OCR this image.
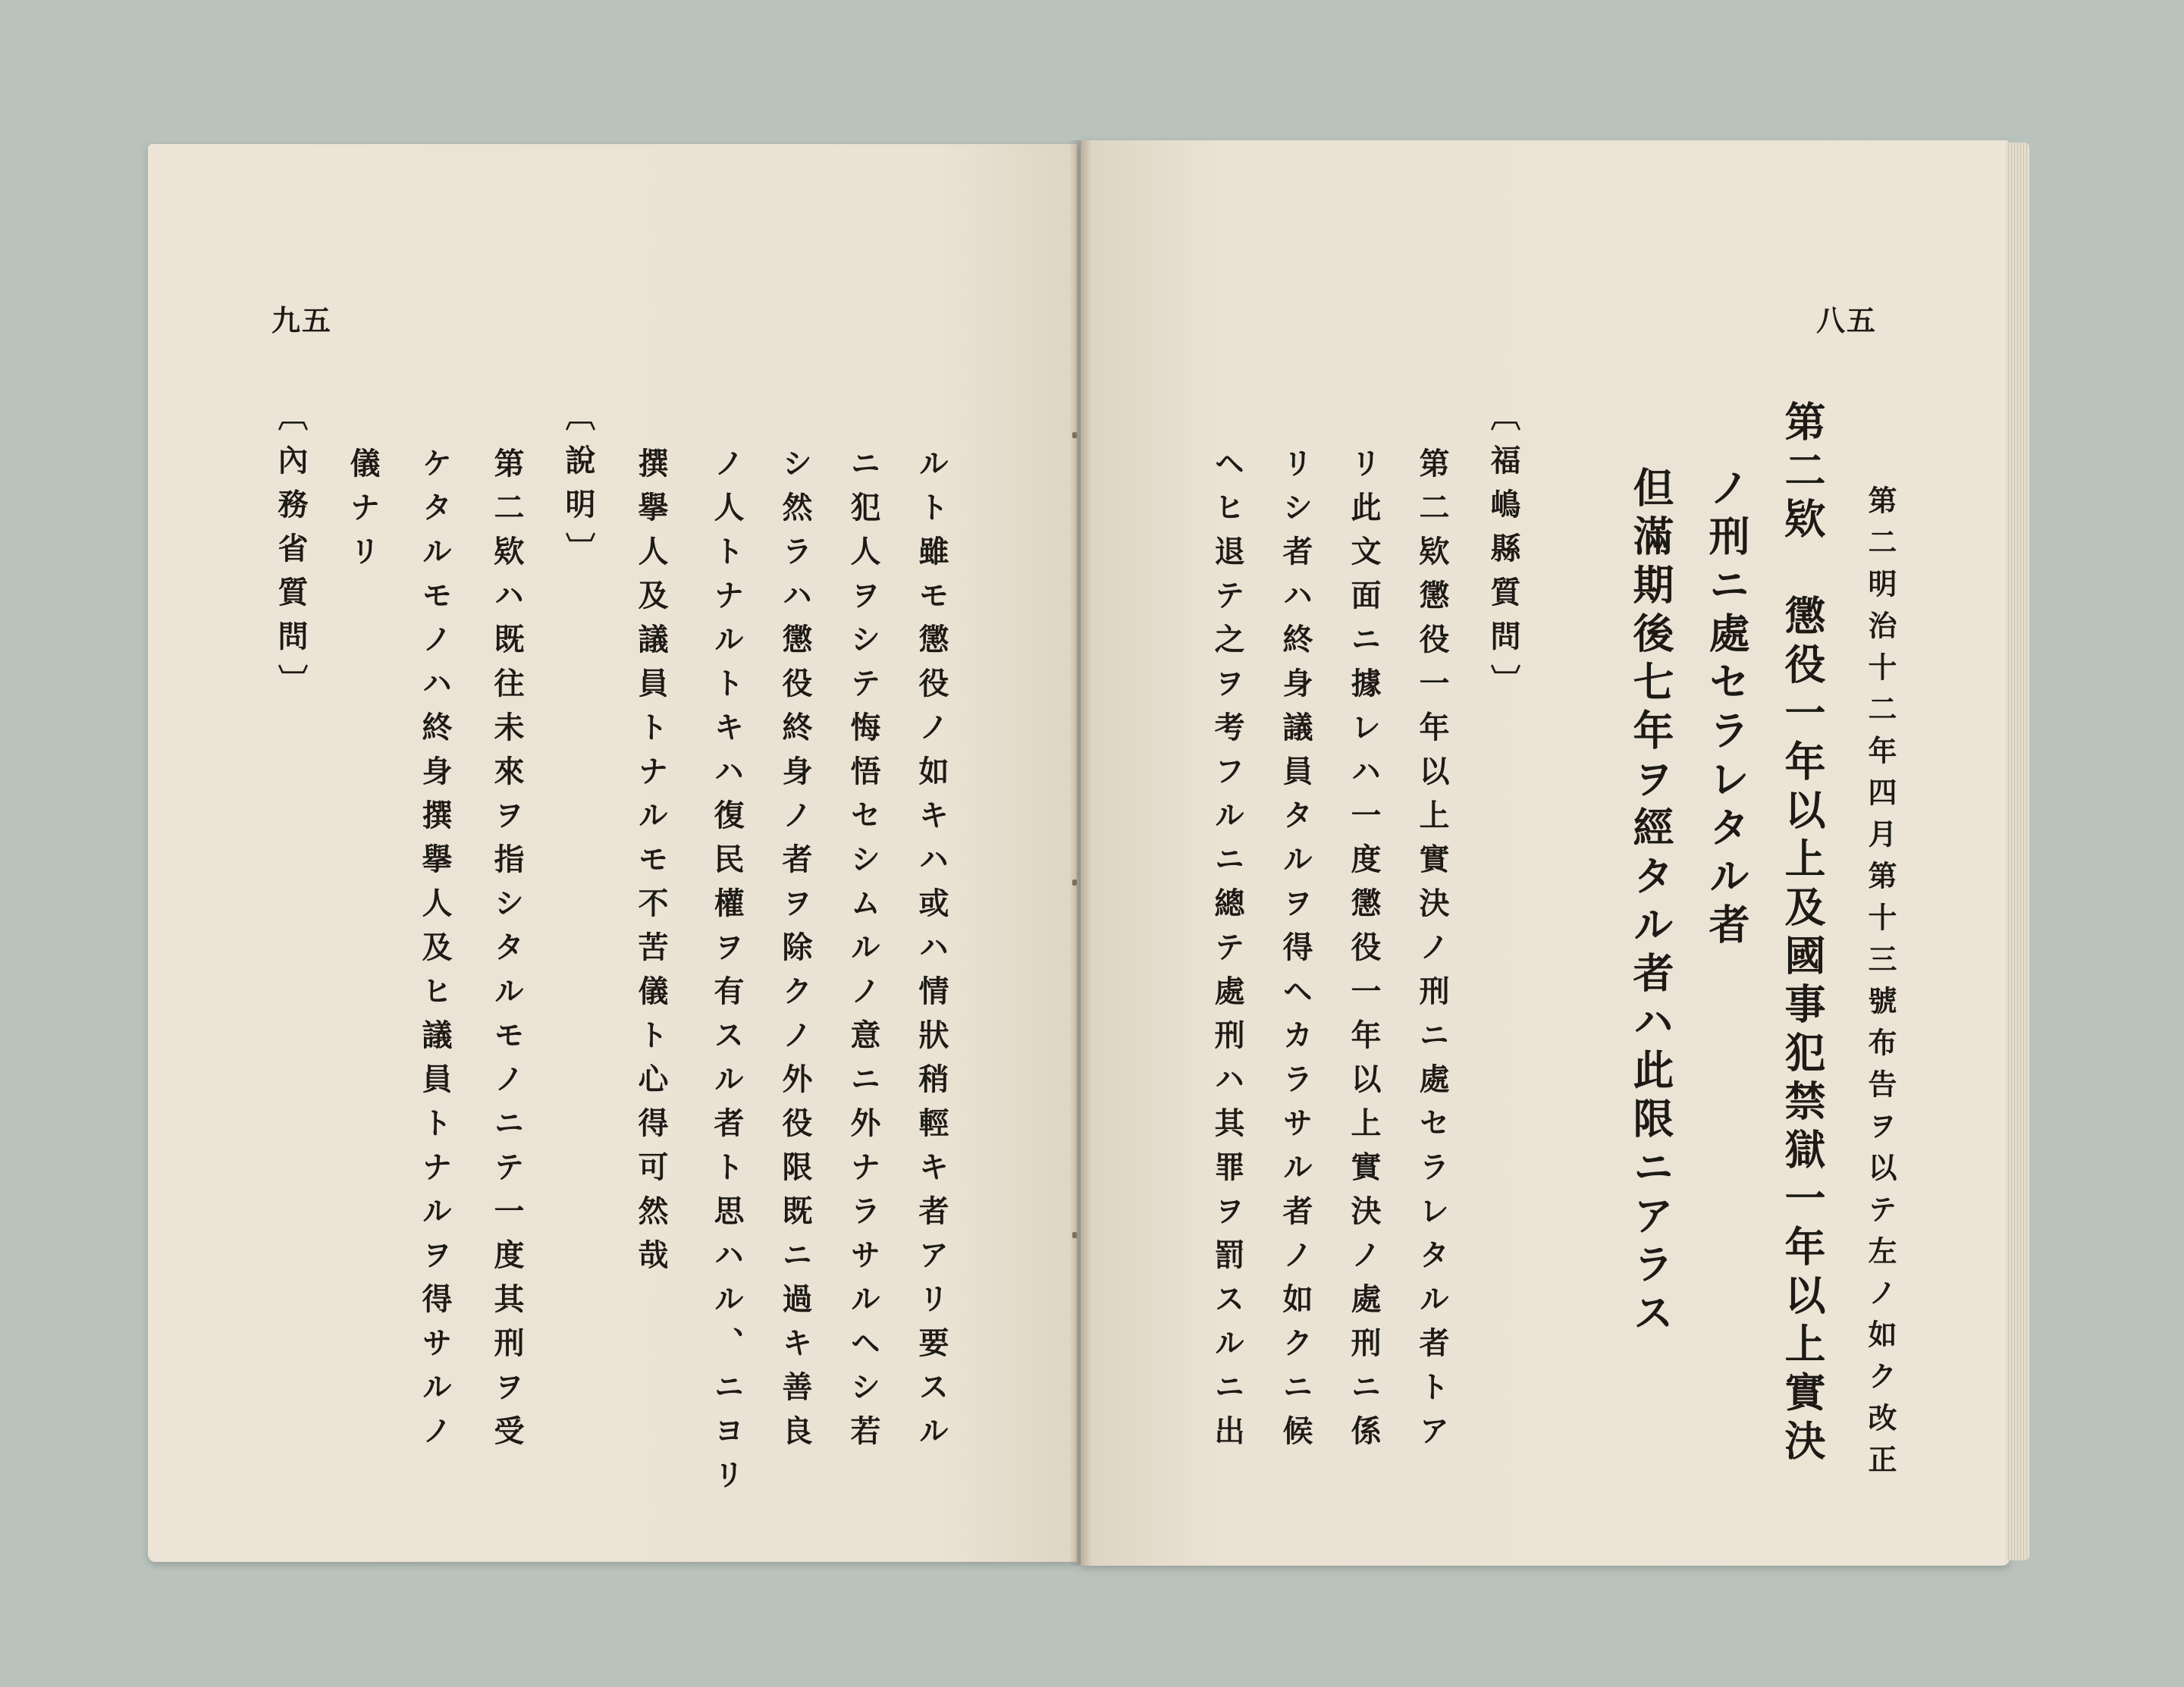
九五
ルト雖モ懲役ノ如キハ或ハ情狀稍輕キ者アリ要スル
ニ犯人ヲシテ悔悟セシムルノ意ニ外ナラサルヘシ若
シ然ラハ懲役終身ノ者ヲ除クノ外役限既ニ過キ善良
ノ人トナルトキハ復民權ヲ有スル者ト思ハル、ニヨリ
撰擧人及議員トナルモ不苦儀ト心得可然哉
〔說明〕
第二欵ハ既往未來ヲ指シタルモノニテ一度其刑ヲ受
ケタルモノハ終身撰擧人及ヒ議員トナルヲ得サルノ
儀ナリ
〔內務省質問〕
八五
第二明治十二年四月第十三號布告ヲ以テ左ノ如ク改正
第二欵　懲役一年以上及國事犯禁獄一年以上實決
ノ刑ニ處セラレタル者
但滿期後七年ヲ經タル者ハ此限ニアラス
〔福嶋縣質問〕
第二欵懲役一年以上實決ノ刑ニ處セラレタル者トア
リ此文面ニ據レハ一度懲役一年以上實決ノ處刑ニ係
リシ者ハ終身議員タルヲ得ヘカラサル者ノ如クニ候
ヘヒ退テ之ヲ考フルニ總テ處刑ハ其罪ヲ罰スルニ出
